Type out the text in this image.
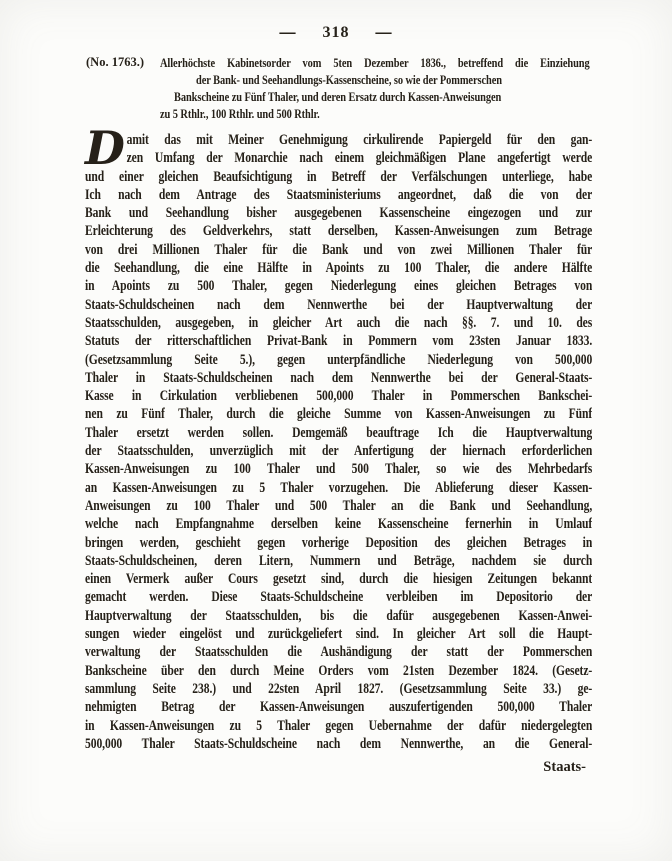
— 318 —
(No. 1763.)	Allerhöchste Kabinetsorder vom 5ten Dezember 1836., betreffend die Einziehung
der Bank- und Seehandlungs-Kassenscheine, so wie der Pommerschen
Bankscheine zu Fünf Thaler, und deren Ersatz durch Kassen-Anweisungen
zu 5 Rthlr., 100 Rthlr. und 500 Rthlr.
D amit das mit Meiner Genehmigung cirkulirende Papiergeld für den gan-
zen Umfang der Monarchie nach einem gleichmäßigen Plane angefertigt werde
und einer gleichen Beaufsichtigung in Betreff der Verfälschungen unterliege, habe
Ich nach dem Antrage des Staatsministeriums angeordnet, daß die von der
Bank und Seehandlung bisher ausgegebenen Kassenscheine eingezogen und zur
Erleichterung des Geldverkehrs, statt derselben, Kassen-Anweisungen zum Betrage
von drei Millionen Thaler für die Bank und von zwei Millionen Thaler für
die Seehandlung, die eine Hälfte in Apoints zu 100 Thaler, die andere Hälfte
in Apoints zu 500 Thaler, gegen Niederlegung eines gleichen Betrages von
Staats-Schuldscheinen nach dem Nennwerthe bei der Hauptverwaltung der
Staatsschulden, ausgegeben, in gleicher Art auch die nach §§. 7. und 10. des
Statuts der ritterschaftlichen Privat-Bank in Pommern vom 23sten Januar 1833.
(Gesetzsammlung Seite 5.), gegen unterpfändliche Niederlegung von 500,000
Thaler in Staats-Schuldscheinen nach dem Nennwerthe bei der General-Staats-
Kasse in Cirkulation verbliebenen 500,000 Thaler in Pommerschen Bankschei-
nen zu Fünf Thaler, durch die gleiche Summe von Kassen-Anweisungen zu Fünf
Thaler ersetzt werden sollen. Demgemäß beauftrage Ich die Hauptverwaltung
der Staatsschulden, unverzüglich mit der Anfertigung der hiernach erforderlichen
Kassen-Anweisungen zu 100 Thaler und 500 Thaler, so wie des Mehrbedarfs
an Kassen-Anweisungen zu 5 Thaler vorzugehen. Die Ablieferung dieser Kassen-
Anweisungen zu 100 Thaler und 500 Thaler an die Bank und Seehandlung,
welche nach Empfangnahme derselben keine Kassenscheine fernerhin in Umlauf
bringen werden, geschieht gegen vorherige Deposition des gleichen Betrages in
Staats-Schuldscheinen, deren Litern, Nummern und Beträge, nachdem sie durch
einen Vermerk außer Cours gesetzt sind, durch die hiesigen Zeitungen bekannt
gemacht werden. Diese Staats-Schuldscheine verbleiben im Depositorio der
Hauptverwaltung der Staatsschulden, bis die dafür ausgegebenen Kassen-Anwei-
sungen wieder eingelöst und zurückgeliefert sind. In gleicher Art soll die Haupt-
verwaltung der Staatsschulden die Aushändigung der statt der Pommerschen
Bankscheine über den durch Meine Orders vom 21sten Dezember 1824. (Gesetz-
sammlung Seite 238.) und 22sten April 1827. (Gesetzsammlung Seite 33.) ge-
nehmigten Betrag der Kassen-Anweisungen auszufertigenden 500,000 Thaler
in Kassen-Anweisungen zu 5 Thaler gegen Uebernahme der dafür niedergelegten
500,000 Thaler Staats-Schuldscheine nach dem Nennwerthe, an die General-
Staats-
